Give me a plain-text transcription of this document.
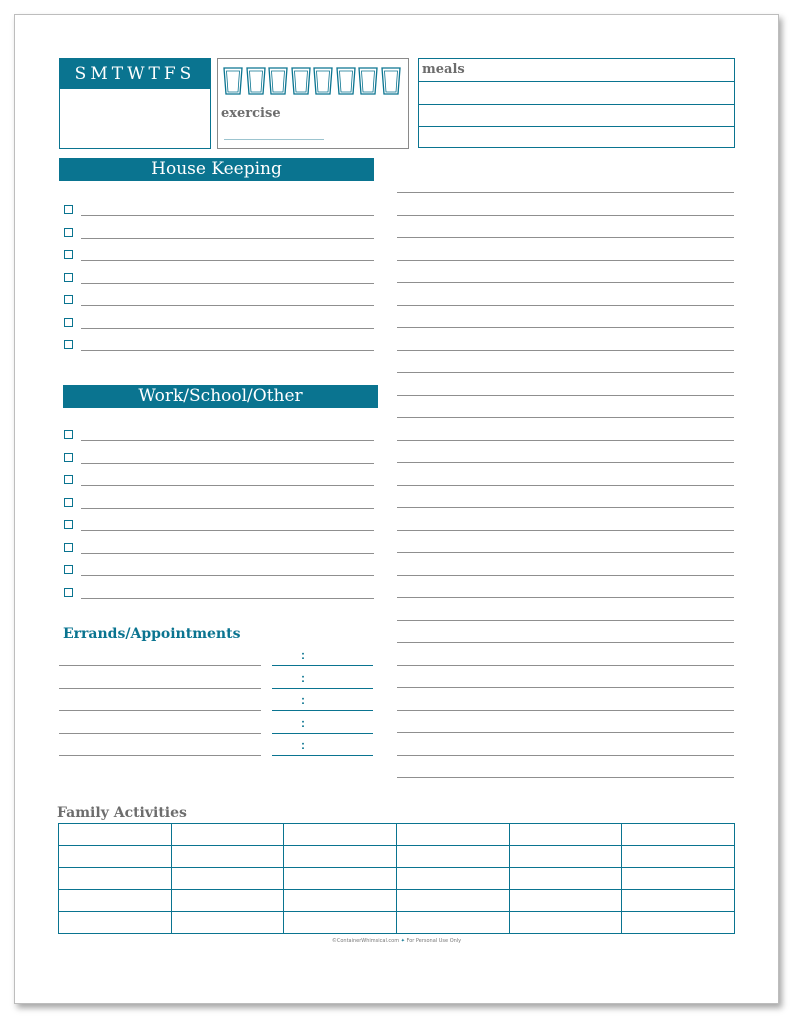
SMTWTFS
exercise
meals
House Keeping
Work/School/Other
Errands/Appointments
:
:
:
:
:
Family Activities

©ContainerWhimsical.com ✦ For Personal Use Only
